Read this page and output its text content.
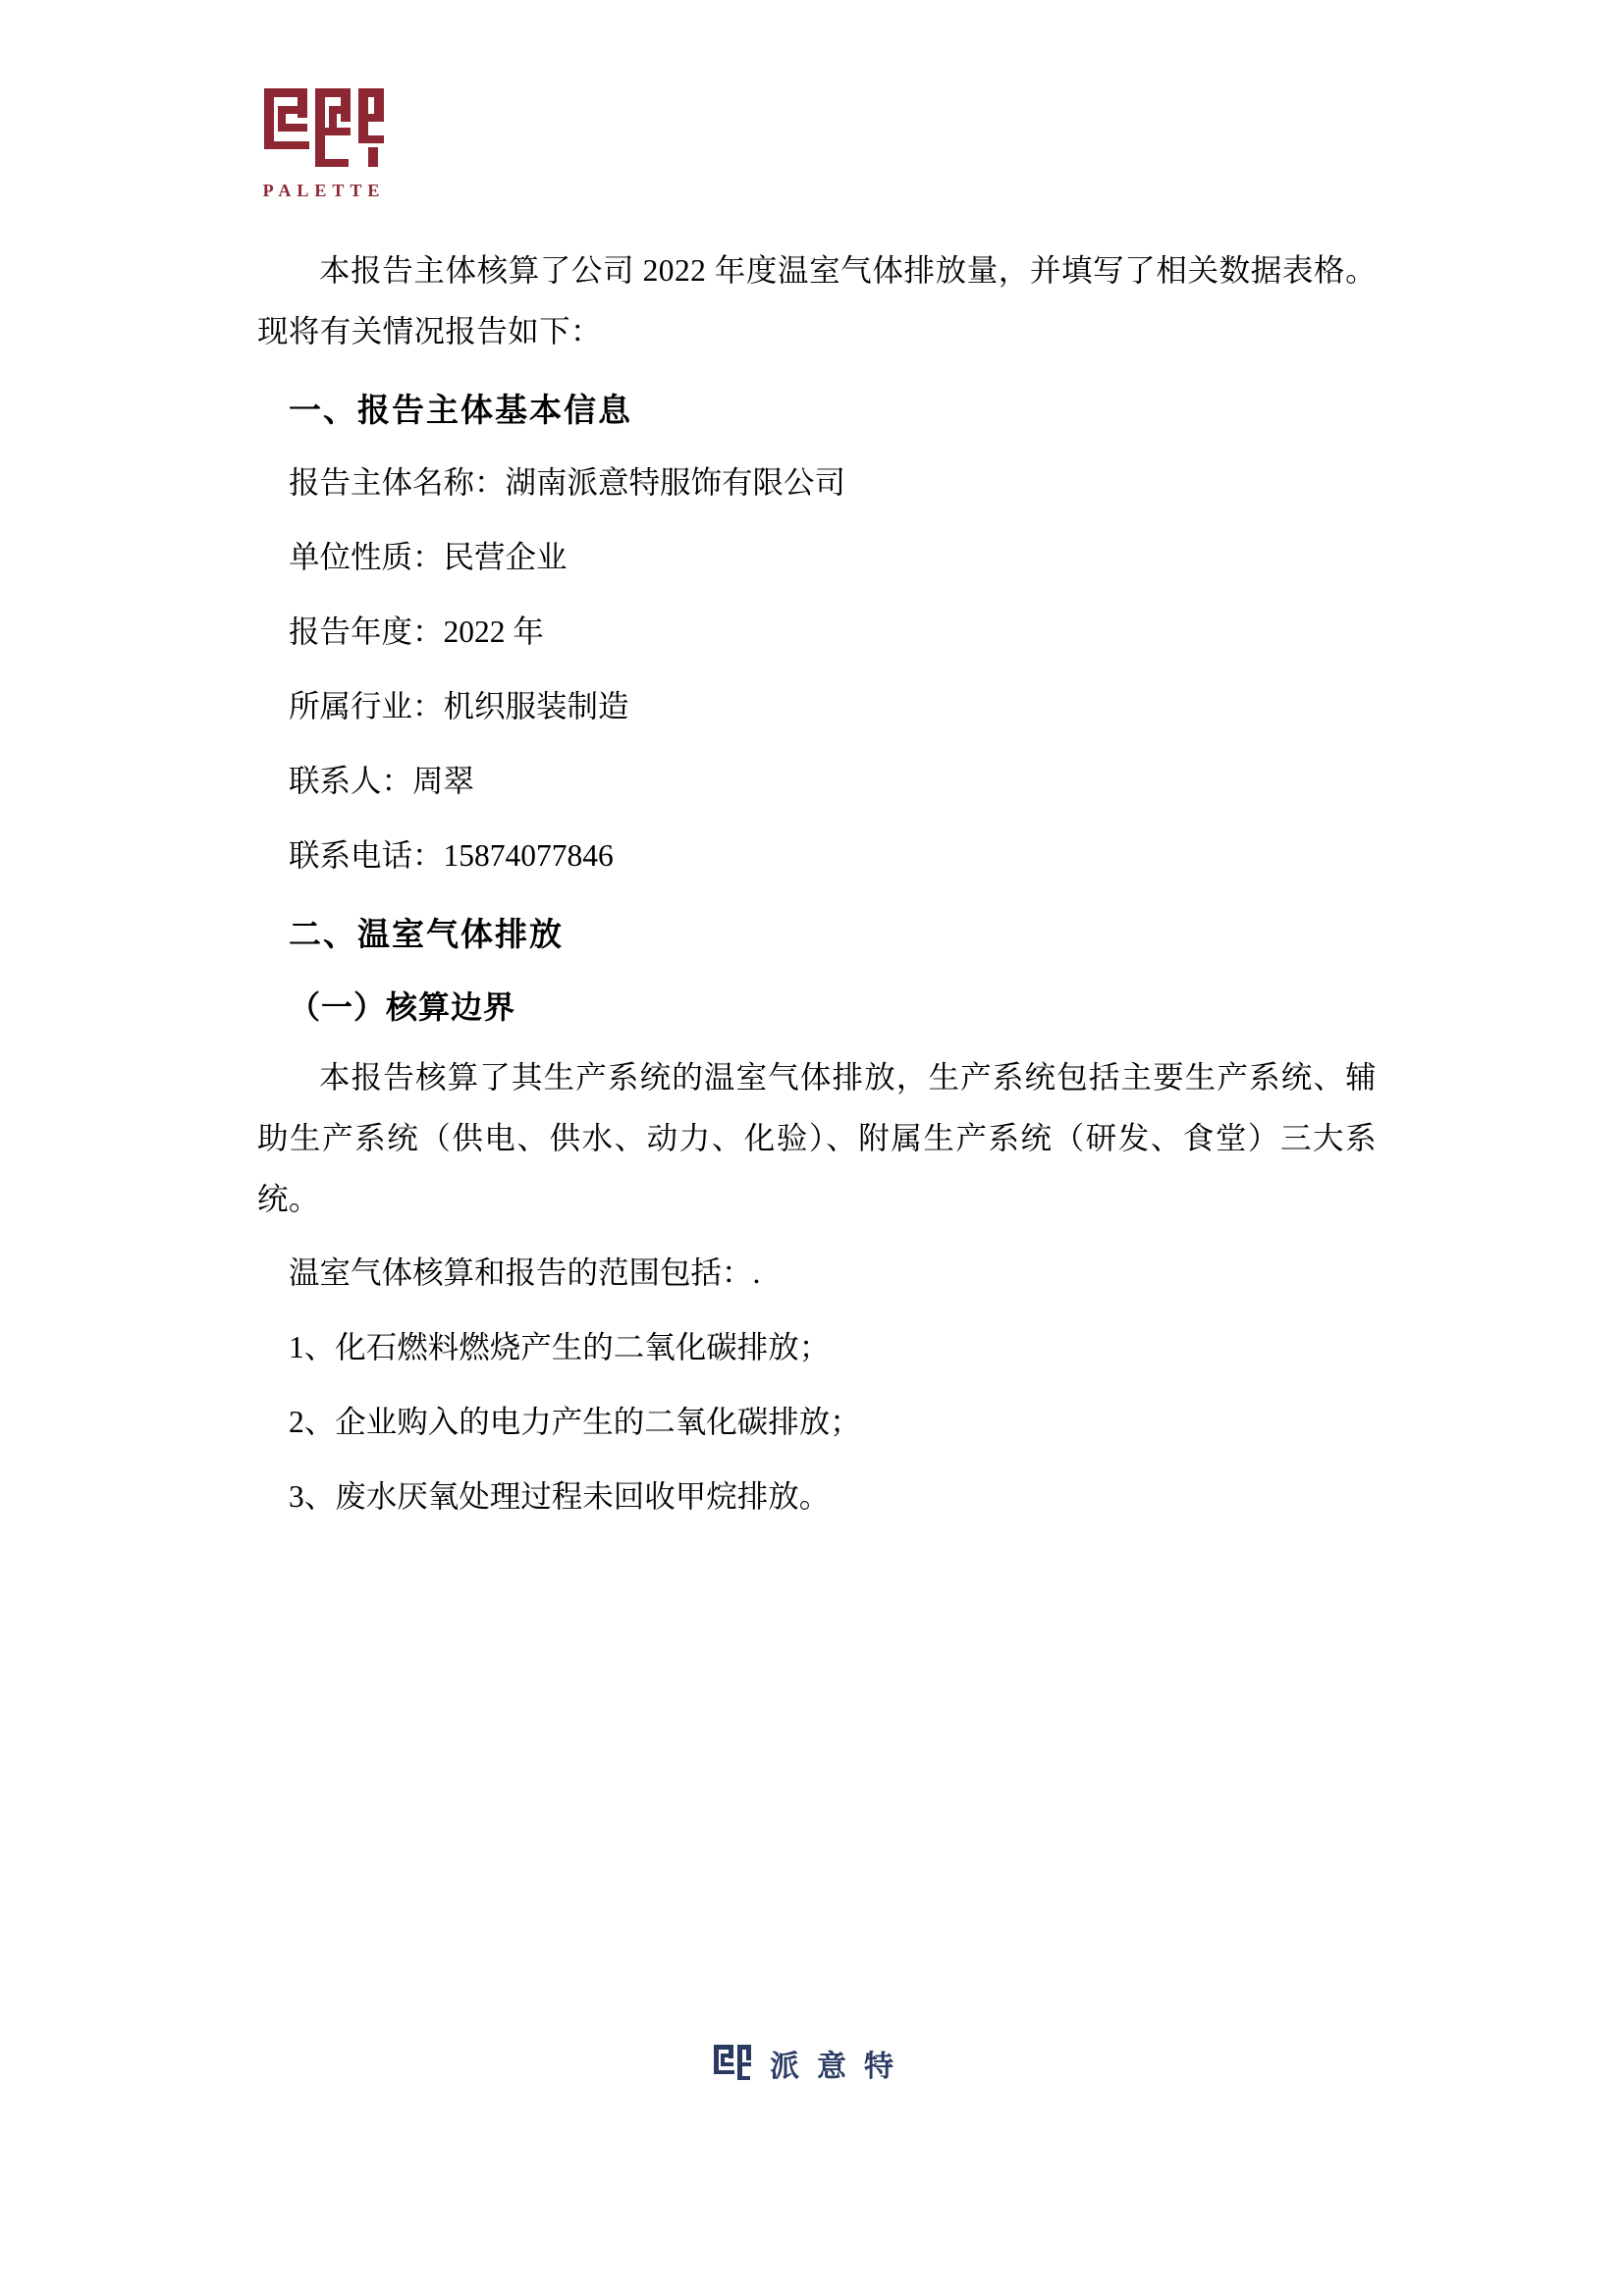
PALETTE

本报告主体核算了公司 2022 年度温室气体排放量，并填写了相关数据表格。现将有关情况报告如下：

一、报告主体基本信息

报告主体名称：湖南派意特服饰有限公司

单位性质：民营企业

报告年度：2022 年

所属行业：机织服装制造

联系人：周翠

联系电话：15874077846

二、温室气体排放
（一）核算边界

本报告核算了其生产系统的温室气体排放，生产系统包括主要生产系统、辅助生产系统（供电、供水、动力、化验）、附属生产系统（研发、食堂）三大系统。

温室气体核算和报告的范围包括：.

1、化石燃料燃烧产生的二氧化碳排放；

2、企业购入的电力产生的二氧化碳排放；

3、废水厌氧处理过程未回收甲烷排放。

派意特
